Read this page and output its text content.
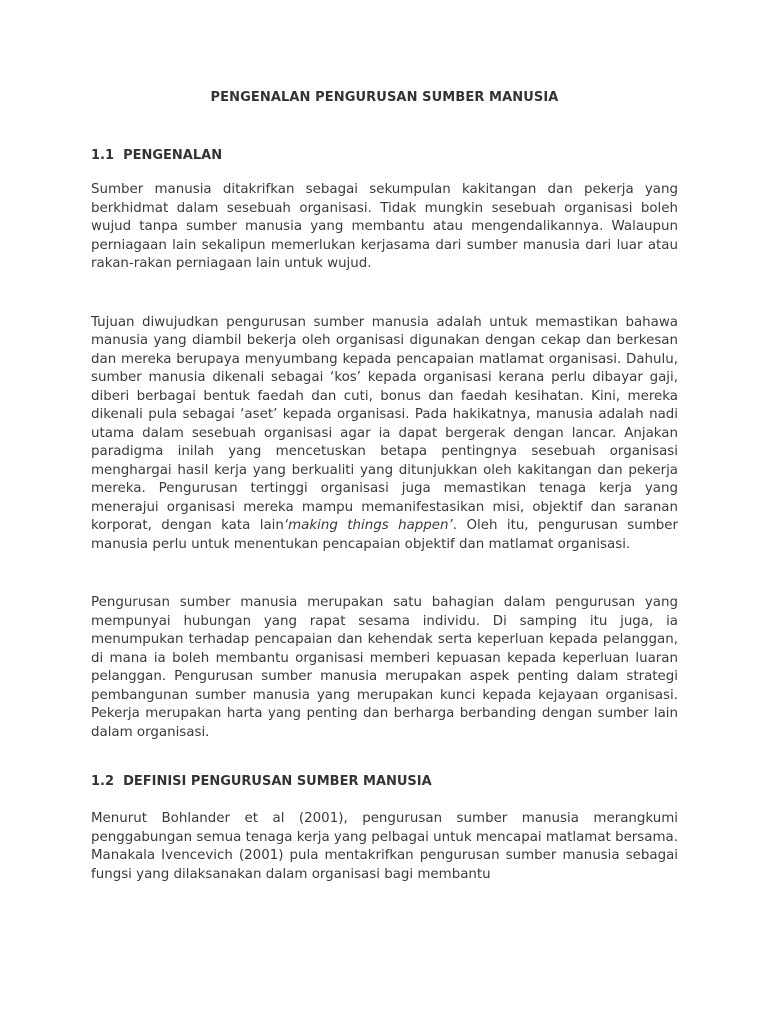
PENGENALAN PENGURUSAN SUMBER MANUSIA
1.1  PENGENALAN

Sumber manusia ditakrifkan sebagai sekumpulan kakitangan dan pekerja yang berkhidmat dalam sesebuah organisasi. Tidak mungkin sesebuah organisasi boleh wujud tanpa sumber manusia yang membantu atau mengendalikannya. Walaupun perniagaan lain sekalipun memerlukan kerjasama dari sumber manusia dari luar atau rakan-rakan perniagaan lain untuk wujud.

Tujuan diwujudkan pengurusan sumber manusia adalah untuk memastikan bahawa manusia yang diambil bekerja oleh organisasi digunakan dengan cekap dan berkesan dan mereka berupaya menyumbang kepada pencapaian matlamat organisasi. Dahulu, sumber manusia dikenali sebagai ‘kos’ kepada organisasi kerana perlu dibayar gaji, diberi berbagai bentuk faedah dan cuti, bonus dan faedah kesihatan. Kini, mereka dikenali pula sebagai ‘aset’ kepada organisasi. Pada hakikatnya, manusia adalah nadi utama dalam sesebuah organisasi agar ia dapat bergerak dengan lancar. Anjakan paradigma inilah yang mencetuskan betapa pentingnya sesebuah organisasi menghargai hasil kerja yang berkualiti yang ditunjukkan oleh kakitangan dan pekerja mereka. Pengurusan tertinggi organisasi juga memastikan tenaga kerja yang menerajui organisasi mereka mampu memanifestasikan misi, objektif dan saranan korporat, dengan kata lain‘making things happen’. Oleh itu, pengurusan sumber manusia perlu untuk menentukan pencapaian objektif dan matlamat organisasi.

Pengurusan sumber manusia merupakan satu bahagian dalam pengurusan yang mempunyai hubungan yang rapat sesama individu. Di samping itu juga, ia menumpukan terhadap pencapaian dan kehendak serta keperluan kepada pelanggan, di mana ia boleh membantu organisasi memberi kepuasan kepada keperluan luaran pelanggan. Pengurusan sumber manusia merupakan aspek penting dalam strategi pembangunan sumber manusia yang merupakan kunci kepada kejayaan organisasi. Pekerja merupakan harta yang penting dan berharga berbanding dengan sumber lain dalam organisasi.

1.2  DEFINISI PENGURUSAN SUMBER MANUSIA

Menurut Bohlander et al (2001), pengurusan sumber manusia merangkumi penggabungan semua tenaga kerja yang pelbagai untuk mencapai matlamat bersama. Manakala Ivencevich (2001) pula mentakrifkan pengurusan sumber manusia sebagai fungsi yang dilaksanakan dalam organisasi bagi membantu
